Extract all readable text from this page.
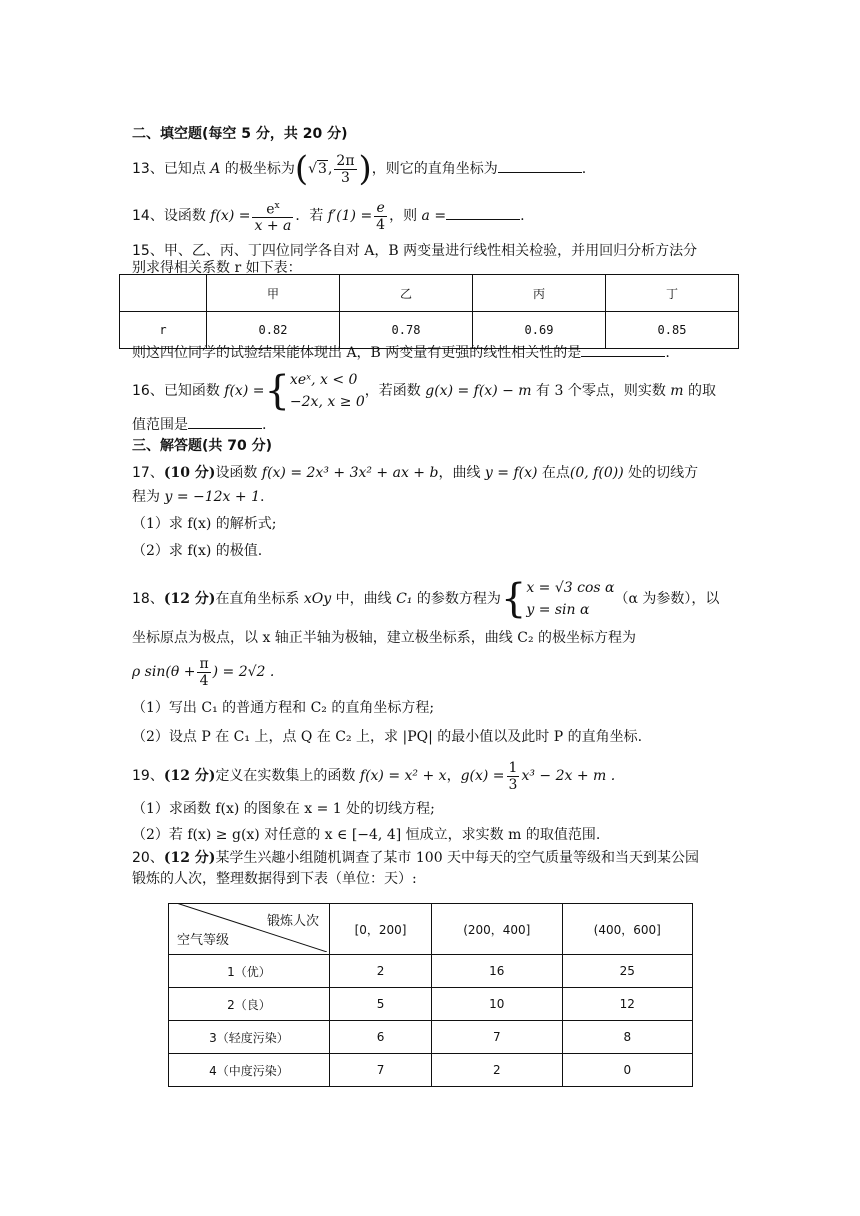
二、填空题(每空 5 分，共 20 分)
13、已知点 A 的极坐标为(√3, $\frac{2\pi}{3}$ )，则它的直角坐标为	.
14、设函数 $f(x) = \frac{e^x}{x + a}$ ．若 $f'(1) = \frac{e}{4}$ ，则 a =	.
15、甲、乙、丙、丁四位同学各自对 A，B 两变量进行线性相关检验，并用回归分析方法分
别求得相关系数 r 如下表：
	甲	乙	丙	丁
r	0.82	0.78	0.69	0.85
则这四位同学的试验结果能体现出 A，B 两变量有更强的线性相关性的是	.
16、已知函数 f(x) ={ xeˣ, x < 0
−2x, x ≥ 0
，若函数 g(x) = f(x) − m 有 3 个零点，则实数 m 的取
值范围是	.
三、解答题(共 70 分)
17、(10 分)设函数 f(x) = 2x³ + 3x² + ax + b，曲线 y = f(x) 在点(0, f(0)) 处的切线方
程为 y = −12x + 1.
（1）求 f(x) 的解析式;
（2）求 f(x) 的极值.
18、(12 分)在直角坐标系 xOy 中，曲线 C₁ 的参数方程为{ x = √3 cos α
y = sin α
（α 为参数），以
坐标原点为极点，以 x 轴正半轴为极轴，建立极坐标系，曲线 C₂ 的极坐标方程为
ρ $\sin(\theta + \frac{\pi}{4}$ ) = 2√2 .
（1）写出 C₁ 的普通方程和 C₂ 的直角坐标方程;
（2）设点 P 在 C₁ 上，点 Q 在 C₂ 上，求 |PQ| 的最小值以及此时 P 的直角坐标.
19、(12 分)定义在实数集上的函数 f(x) = x² + x，$g(x) = \frac{1}{3} x^3 - 2x + m$ .
（1）求函数 f(x) 的图象在 x = 1 处的切线方程;
（2）若 f(x) ≥ g(x) 对任意的 x ∈ [−4, 4] 恒成立，求实数 m 的取值范围.
20、(12 分)某学生兴趣小组随机调查了某市 100 天中每天的空气质量等级和当天到某公园
锻炼的人次，整理数据得到下表（单位：天）:
锻炼人次
空气等级	[0，200]	(200，400]	(400，600]
1（优）	2	16	25
2（良）	5	10	12
3（轻度污染）	6	7	8
4（中度污染）	7	2	0
